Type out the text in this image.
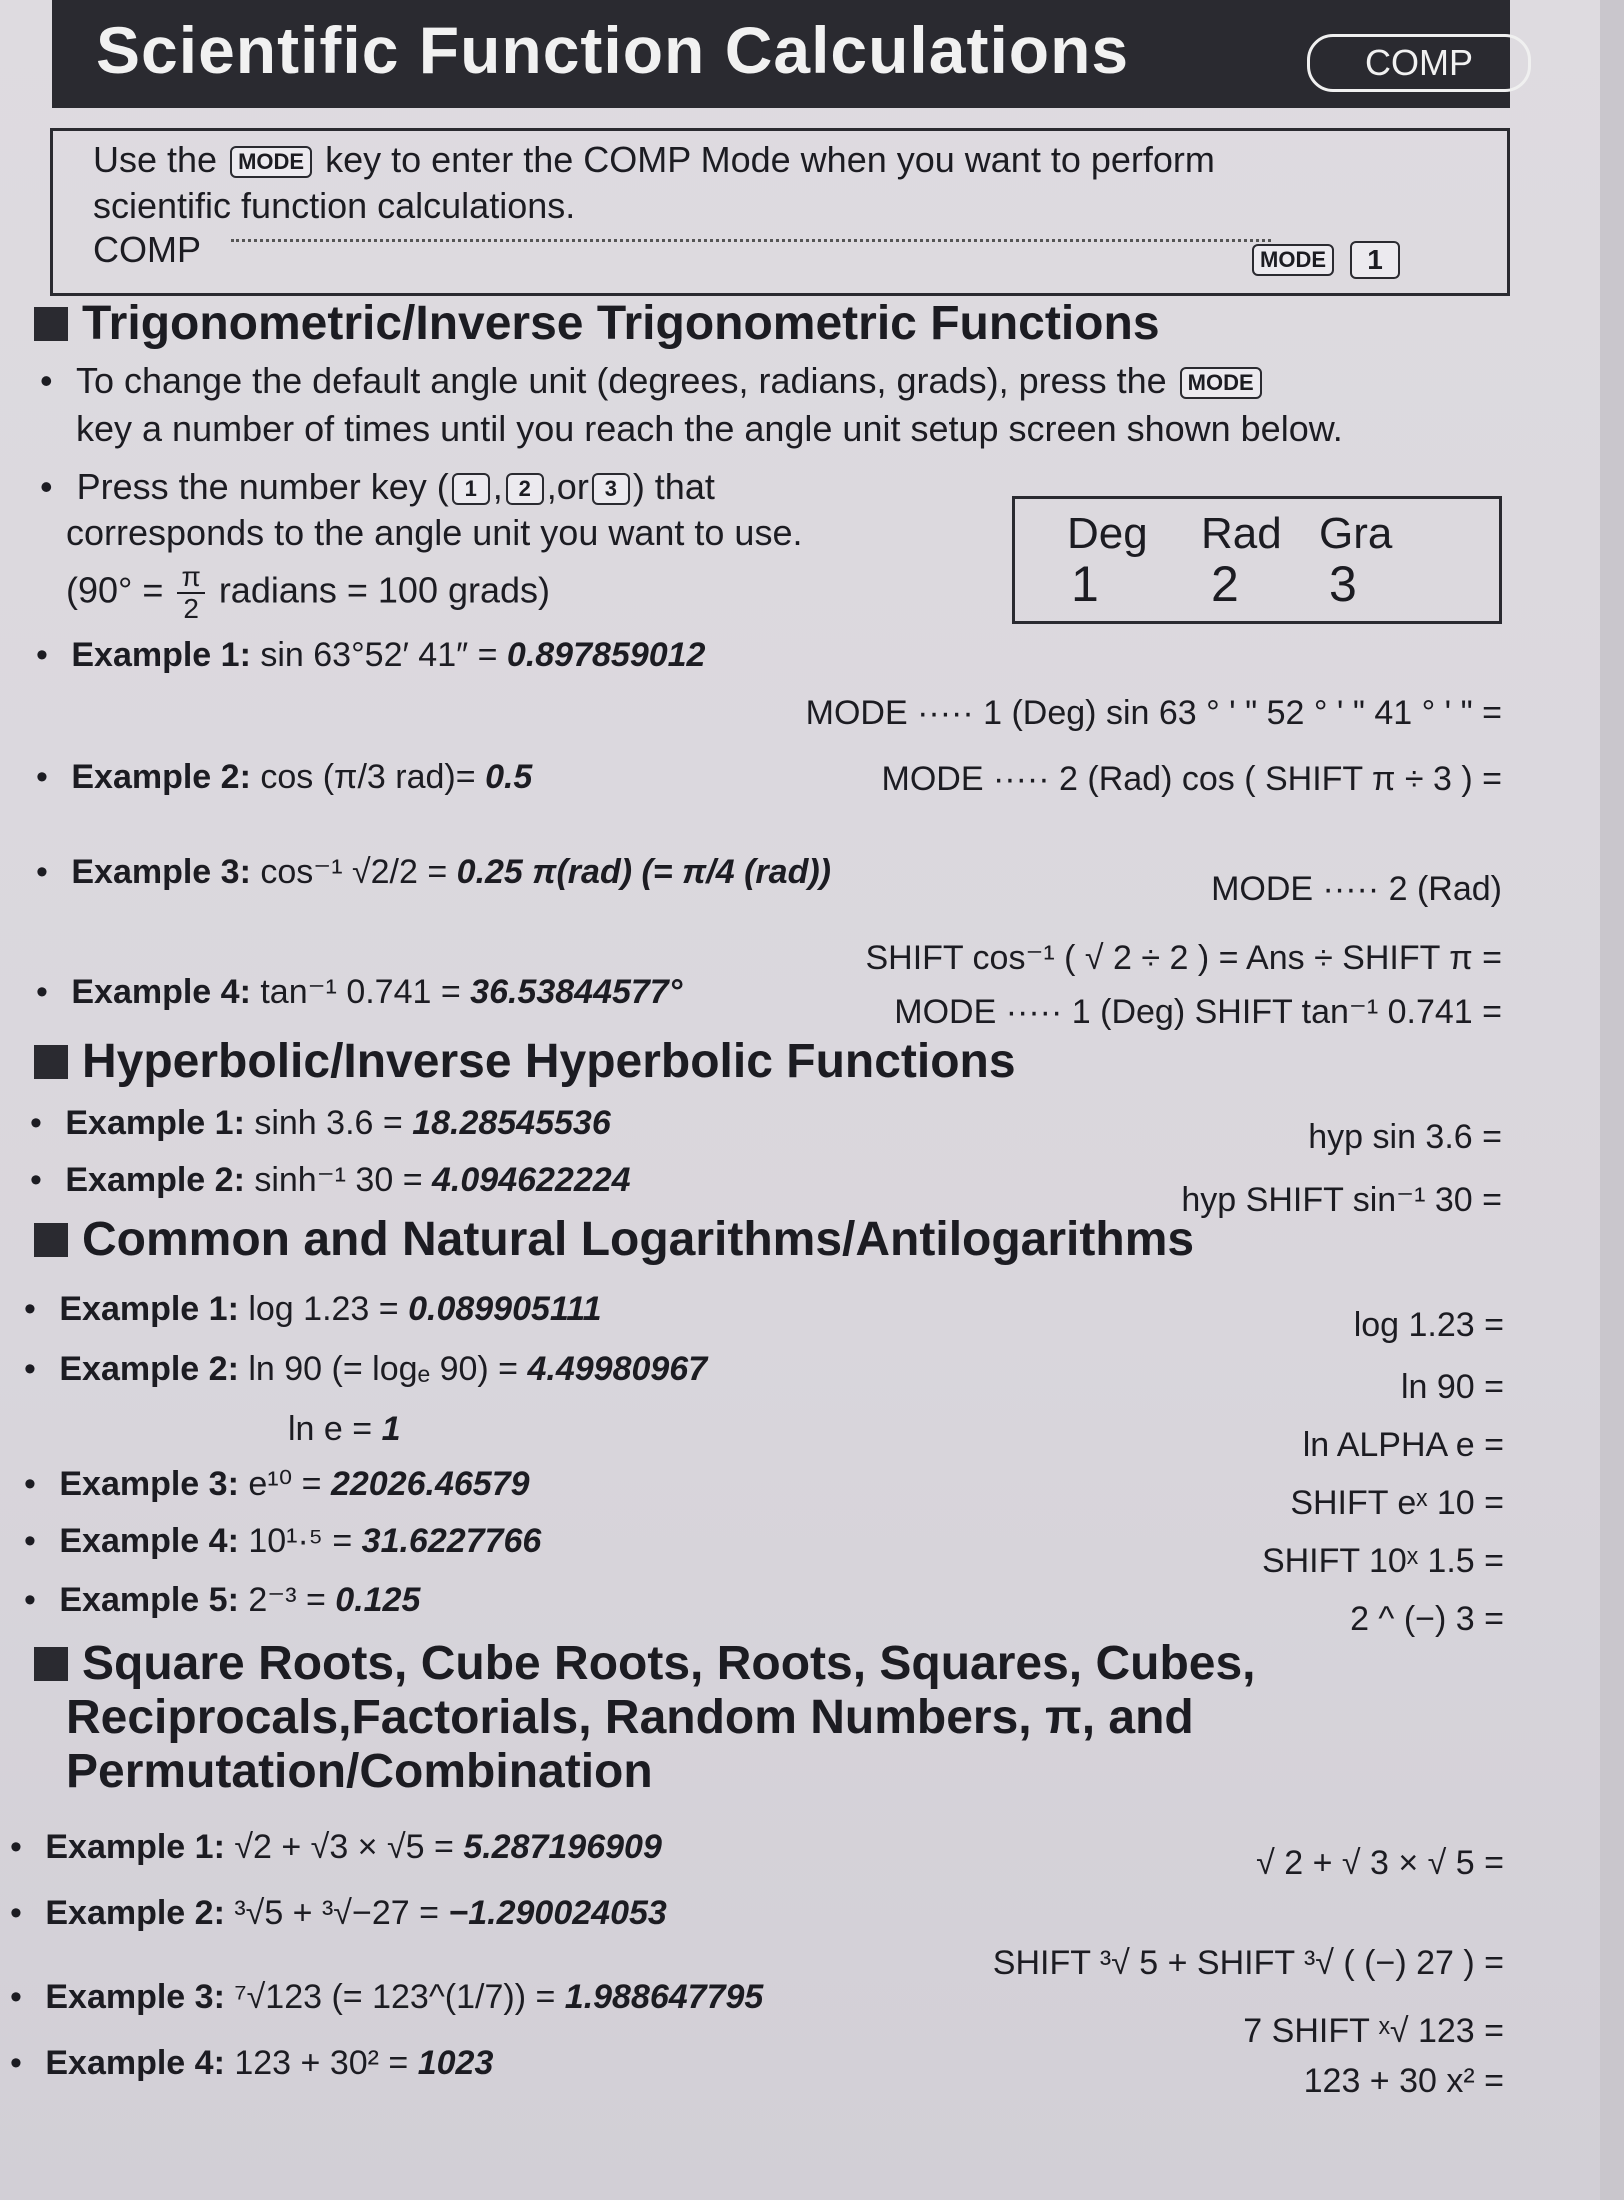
Scientific Function Calculations	COMP
Use the MODE key to enter the COMP Mode when you want to perform
scientific function calculations.
COMP	MODE 1
Trigonometric/Inverse Trigonometric Functions
• To change the default angle unit (degrees, radians, grads), press the MODE
key a number of times until you reach the angle unit setup screen shown below.
• Press the number key ( 1 , 2 ,or 3 ) that
corresponds to the angle unit you want to use.
($90^\circ = \frac{\pi}{2}$ radians = 100 grads)
Deg Rad Gra
1 2 3
• Example 1: sin 63°52′ 41″ = 0.897859012
MODE ····· 1 (Deg) sin 63 ° ' " 52 ° ' " 41 ° ' " =
• Example 2: cos (π/3 rad)= 0.5	MODE ····· 2 (Rad) cos ( SHIFT π ÷ 3 ) =
• Example 3: cos⁻¹ √2/2 = 0.25 π(rad) (= π/4 (rad))	MODE ····· 2 (Rad)
SHIFT cos⁻¹ ( √ 2 ÷ 2 ) = Ans ÷ SHIFT π =
• Example 4: tan⁻¹ 0.741 = 36.53844577°
MODE ····· 1 (Deg) SHIFT tan⁻¹ 0.741 =
Hyperbolic/Inverse Hyperbolic Functions
• Example 1: sinh 3.6 = 18.28545536	hyp sin 3.6 =
• Example 2: sinh⁻¹ 30 = 4.094622224
hyp SHIFT sin⁻¹ 30 =
Common and Natural Logarithms/Antilogarithms
• Example 1: log 1.23 = 0.089905111	log 1.23 =
• Example 2: ln 90 (= logₑ 90) = 4.49980967	ln 90 =
ln e = 1	ln ALPHA e =
• Example 3: e¹⁰ = 22026.46579	SHIFT eˣ 10 =
• Example 4: 10¹·⁵ = 31.6227766
SHIFT 10ˣ 1.5 =
• Example 5: 2⁻³ = 0.125	2 ^ (−) 3 =
Square Roots, Cube Roots, Roots, Squares, Cubes,
Reciprocals,Factorials, Random Numbers, π, and
Permutation/Combination
• Example 1: √2 + √3 × √5 = 5.287196909	√ 2 + √ 3 × √ 5 =
• Example 2: ³√5 + ³√−27 = −1.290024053
SHIFT ³√ 5 + SHIFT ³√ ( (−) 27 ) =
• Example 3: ⁷√123 (= 123^(1/7)) = 1.988647795
7 SHIFT ˣ√ 123 =
• Example 4: 123 + 30² = 1023	123 + 30 x² =
